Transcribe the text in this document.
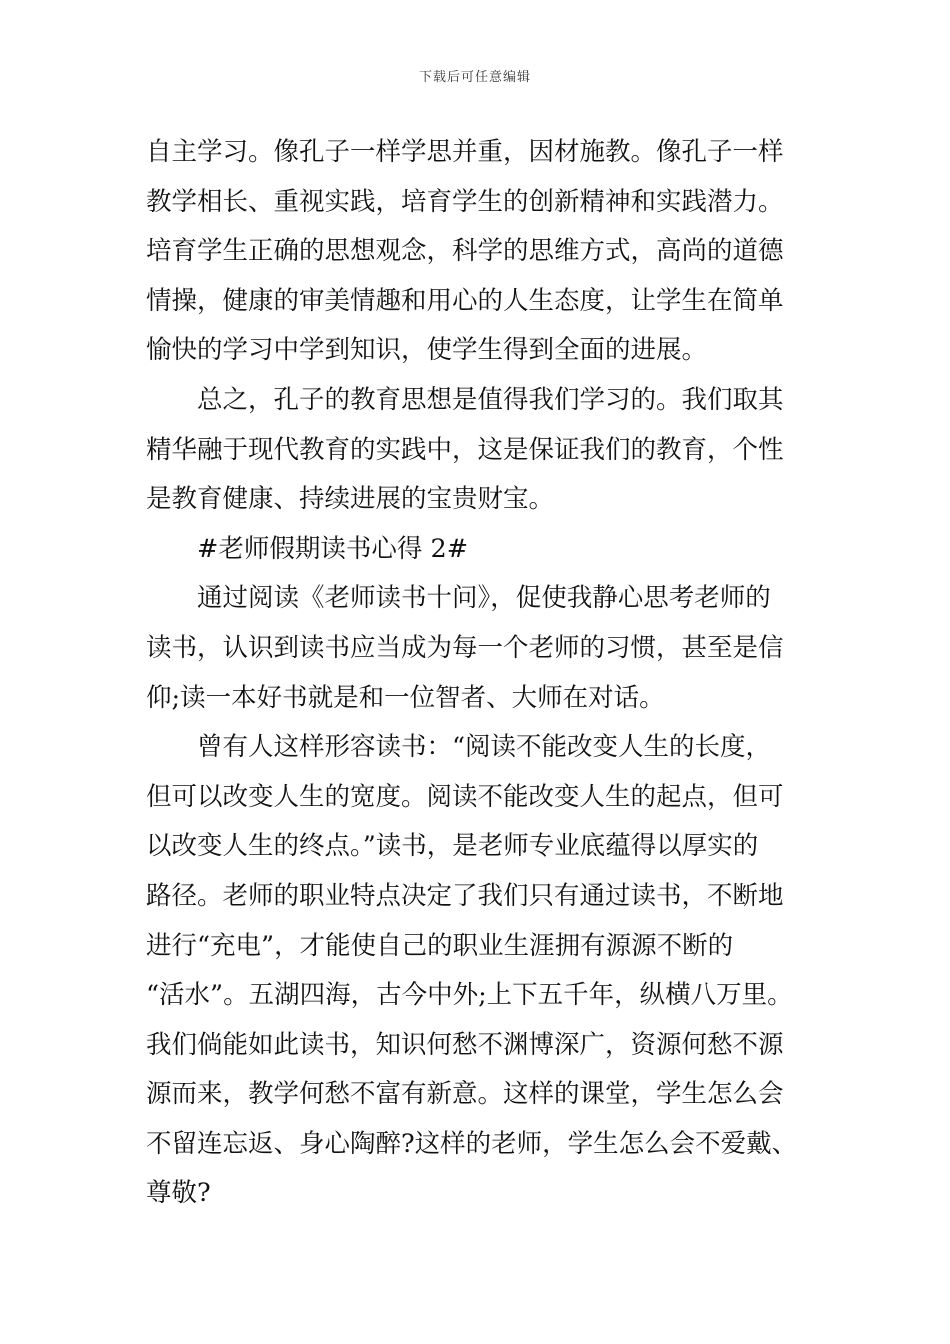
下载后可任意编辑
自主学习。像孔子一样学思并重，因材施教。像孔子一样
教学相长、重视实践，培育学生的创新精神和实践潜力。
培育学生正确的思想观念，科学的思维方式，高尚的道德
情操，健康的审美情趣和用心的人生态度，让学生在简单
愉快的学习中学到知识，使学生得到全面的进展。
总之，孔子的教育思想是值得我们学习的。我们取其
精华融于现代教育的实践中，这是保证我们的教育，个性
是教育健康、持续进展的宝贵财宝。
#老师假期读书心得 2#
通过阅读《老师读书十问》，促使我静心思考老师的
读书，认识到读书应当成为每一个老师的习惯，甚至是信
仰;读一本好书就是和一位智者、大师在对话。
曾有人这样形容读书：“阅读不能改变人生的长度，
但可以改变人生的宽度。阅读不能改变人生的起点，但可
以改变人生的终点。”读书，是老师专业底蕴得以厚实的
路径。老师的职业特点决定了我们只有通过读书，不断地
进行“充电”，才能使自己的职业生涯拥有源源不断的
“活水”。五湖四海，古今中外;上下五千年，纵横八万里。
我们倘能如此读书，知识何愁不渊博深广，资源何愁不源
源而来，教学何愁不富有新意。这样的课堂，学生怎么会
不留连忘返、身心陶醉?这样的老师，学生怎么会不爱戴、
尊敬?
